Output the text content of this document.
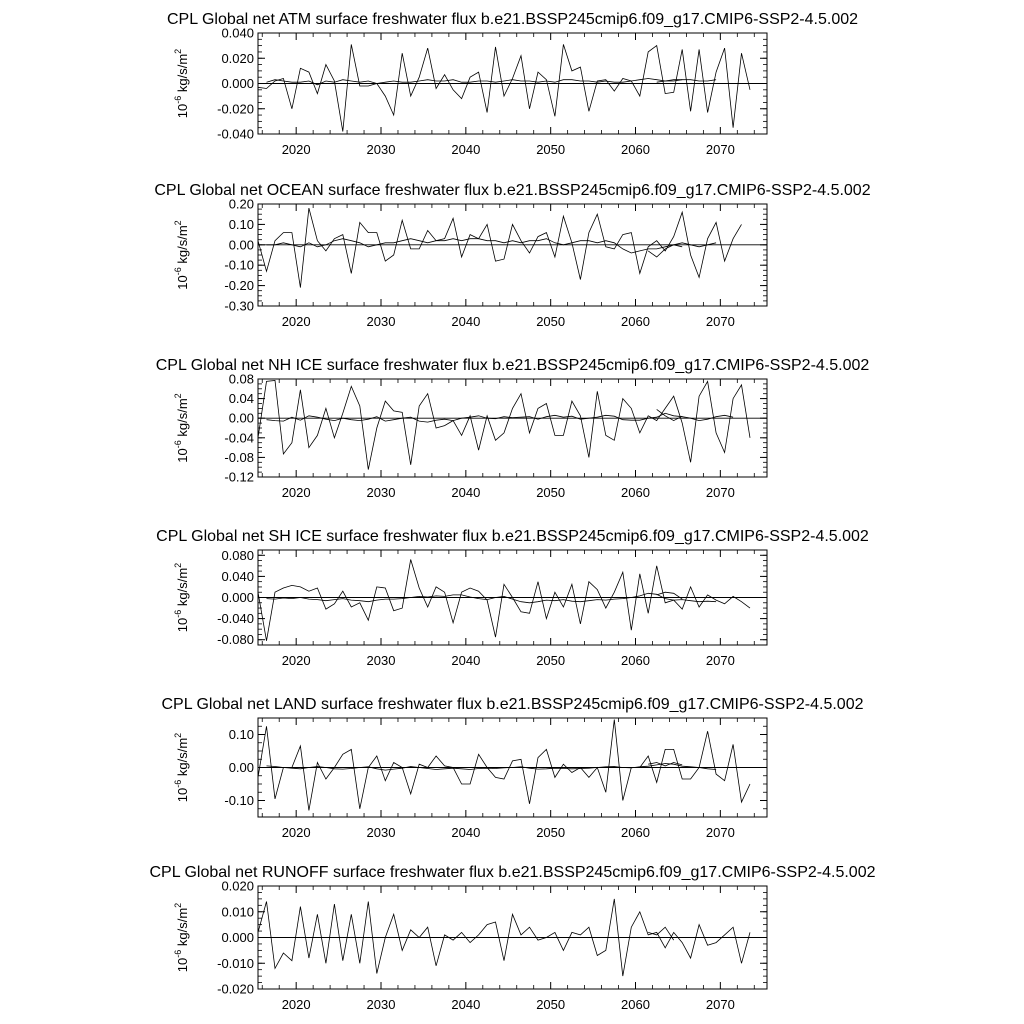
CPL Global net ATM surface freshwater flux b.e21.BSSP245cmip6.f09_g17.CMIP6-SSP2-4.5.002
-0.040
-0.020
0.000
0.020
0.040
2020	2030	2040	2050	2060	2070
$10^{-6}$ $kg/s/m^2$
CPL Global net OCEAN surface freshwater flux b.e21.BSSP245cmip6.f09_g17.CMIP6-SSP2-4.5.002
-0.30
-0.20
-0.10
0.00
0.10
0.20
2020	2030	2040	2050	2060	2070
$10^{-6}$ $kg/s/m^2$
CPL Global net NH ICE surface freshwater flux b.e21.BSSP245cmip6.f09_g17.CMIP6-SSP2-4.5.002
-0.12
-0.08
-0.04
0.00
0.04
0.08
2020	2030	2040	2050	2060	2070
$10^{-6}$ $kg/s/m^2$
CPL Global net SH ICE surface freshwater flux b.e21.BSSP245cmip6.f09_g17.CMIP6-SSP2-4.5.002
-0.080
-0.040
0.000
0.040
0.080
2020	2030	2040	2050	2060	2070
$10^{-6}$ $kg/s/m^2$
CPL Global net LAND surface freshwater flux b.e21.BSSP245cmip6.f09_g17.CMIP6-SSP2-4.5.002
-0.10
0.00
0.10
2020	2030	2040	2050	2060	2070
$10^{-6}$ $kg/s/m^2$
CPL Global net RUNOFF surface freshwater flux b.e21.BSSP245cmip6.f09_g17.CMIP6-SSP2-4.5.002
-0.020
-0.010
0.000
0.010
0.020
2020	2030	2040	2050	2060	2070
$10^{-6}$ $kg/s/m^2$
